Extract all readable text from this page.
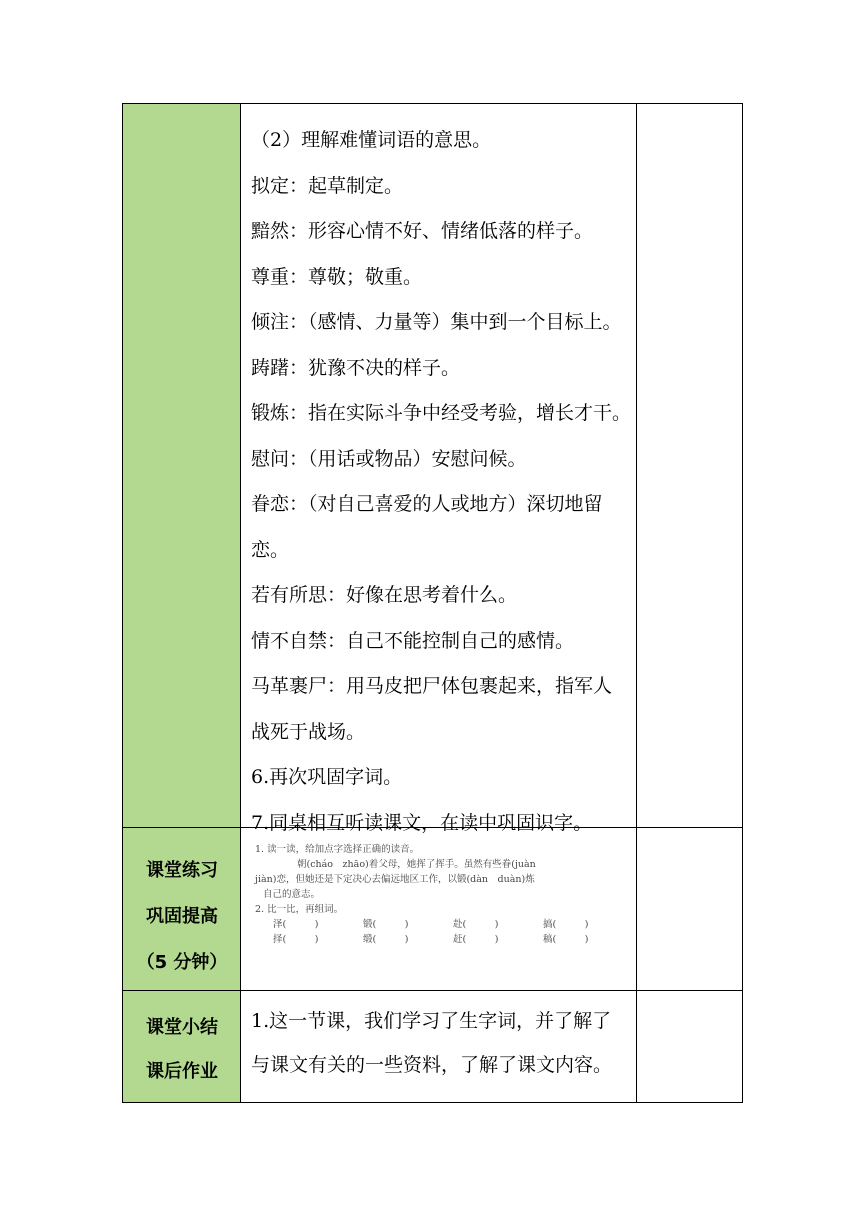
（2）理解难懂词语的意思。
拟定：起草制定。
黯然：形容心情不好、情绪低落的样子。
尊重：尊敬；敬重。
倾注：（感情、力量等）集中到一个目标上。
踌躇：犹豫不决的样子。
锻炼：指在实际斗争中经受考验，增长才干。
慰问：（用话或物品）安慰问候。
眷恋：（对自己喜爱的人或地方）深切地留
恋。
若有所思：好像在思考着什么。
情不自禁：自己不能控制自己的感情。
马革裹尸：用马皮把尸体包裹起来，指军人
战死于战场。
6.再次巩固字词。
7.同桌相互听读课文，在读中巩固识字。
课堂练习
巩固提高
（5 分钟）
1. 读一读，给加点字选择正确的读音。
朝(cháo　zhāo)着父母，她挥了挥手。虽然有些眷(juàn
jiàn)恋，但她还是下定决心去偏远地区工作，以锻(dàn　duàn)炼
自己的意志。
2. 比一比，再组词。
泽(　　　)	锻(　　　)	赴(　　　)	搞(　　　)
择(　　　)	缎(　　　)	赶(　　　)	稿(　　　)
课堂小结
课后作业
1.这一节课，我们学习了生字词，并了解了
与课文有关的一些资料，了解了课文内容。
